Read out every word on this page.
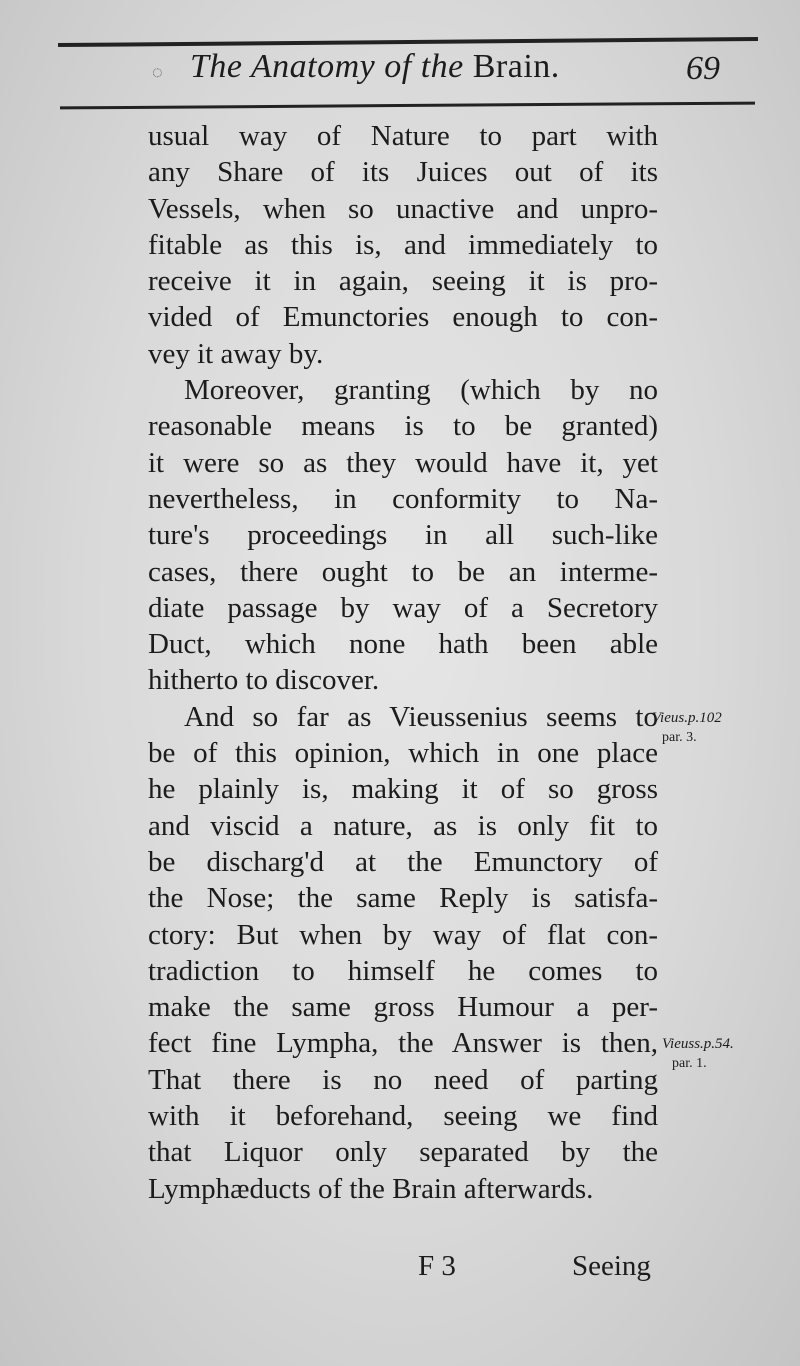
◌ The Anatomy of the Brain.	69
usual way of Nature to part with
any Share of its Juices out of its
Vessels, when so unactive and unpro-
fitable as this is, and immediately to
receive it in again, seeing it is pro-
vided of Emunctories enough to con-
vey it away by.
Moreover, granting (which by no
reasonable means is to be granted)
it were so as they would have it, yet
nevertheless, in conformity to Na-
ture's proceedings in all such-like
cases, there ought to be an interme-
diate passage by way of a Secretory
Duct, which none hath been able
hitherto to discover.
And so far as Vieussenius seems to
be of this opinion, which in one place
he plainly is, making it of so gross
and viscid a nature, as is only fit to
be discharg'd at the Emunctory of
the Nose; the same Reply is satisfa-
ctory: But when by way of flat con-
tradiction to himself he comes to
make the same gross Humour a per-
fect fine Lympha, the Answer is then,
That there is no need of parting
with it beforehand, seeing we find
that Liquor only separated by the
Lymphæducts of the Brain afterwards.
Vieus.p.102
par. 3.
Vieuss.p.54.
par. 1.
F 3	Seeing
